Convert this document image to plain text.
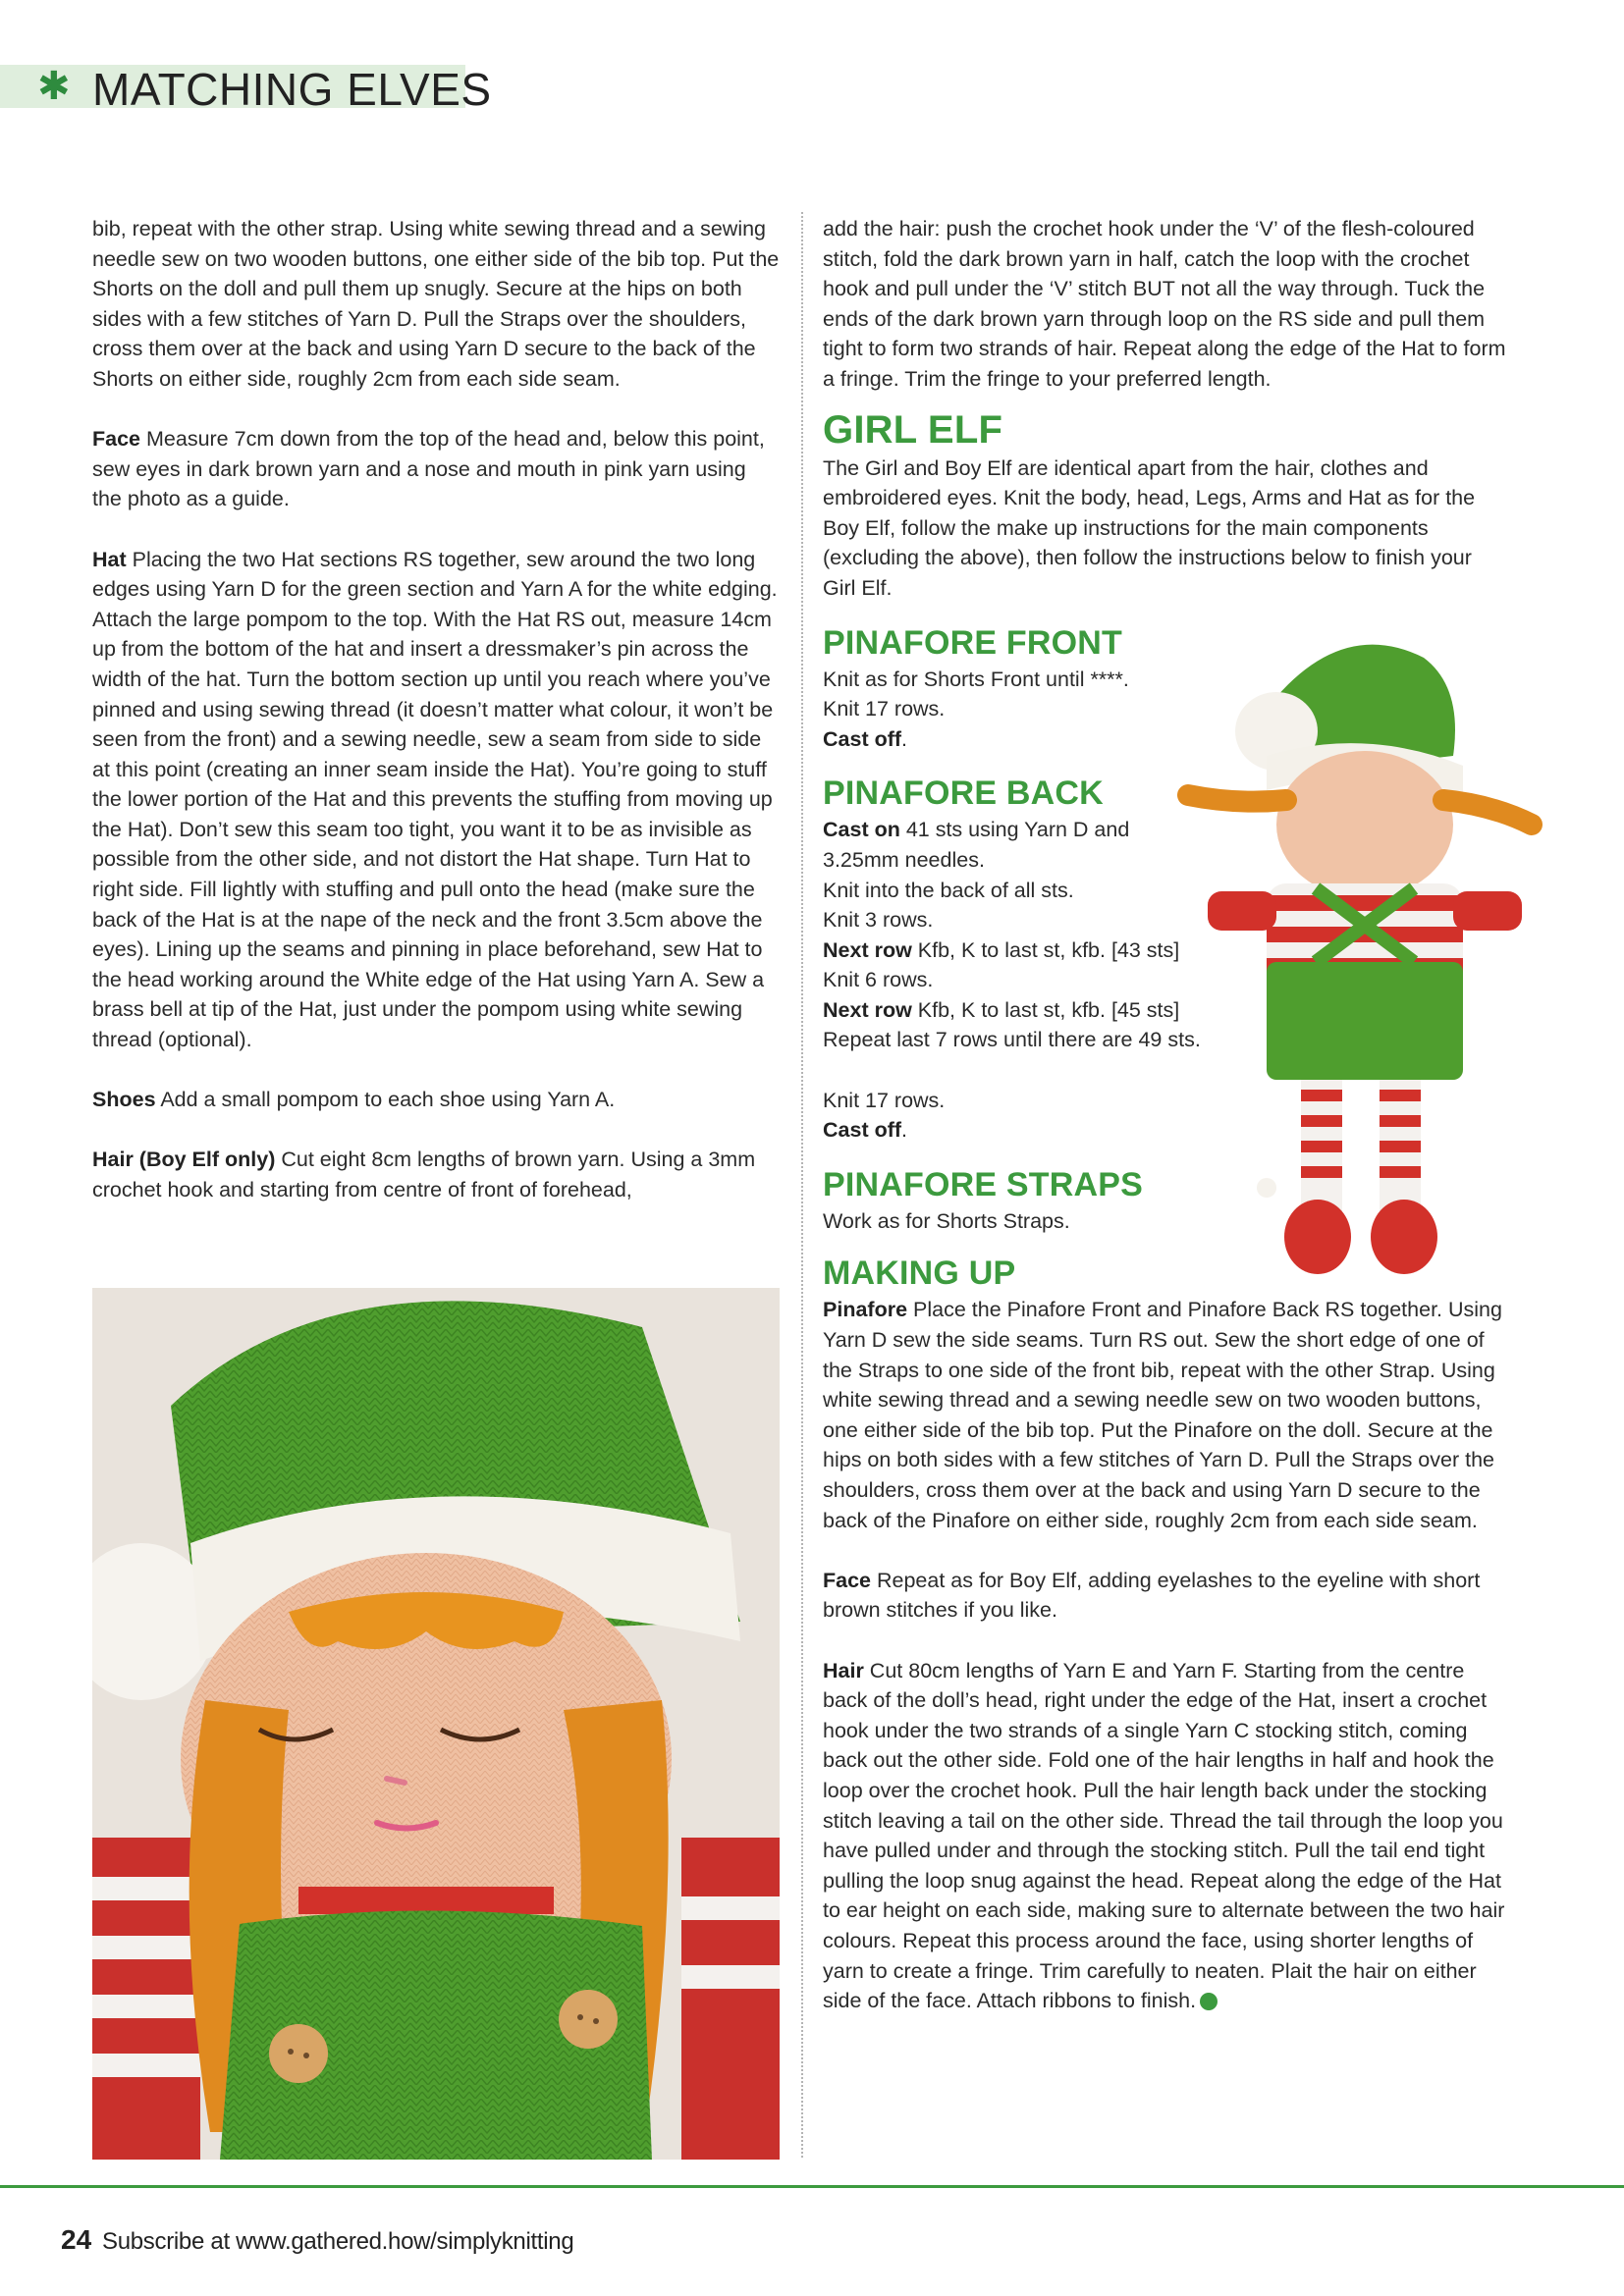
✱ MATCHING ELVES

bib, repeat with the other strap. Using white sewing thread and a sewing needle sew on two wooden buttons, one either side of the bib top. Put the Shorts on the doll and pull them up snugly. Secure at the hips on both sides with a few stitches of Yarn D. Pull the Straps over the shoulders, cross them over at the back and using Yarn D secure to the back of the Shorts on either side, roughly 2cm from each side seam.

Face Measure 7cm down from the top of the head and, below this point, sew eyes in dark brown yarn and a nose and mouth in pink yarn using the photo as a guide.

Hat Placing the two Hat sections RS together, sew around the two long edges using Yarn D for the green section and Yarn A for the white edging. Attach the large pompom to the top. With the Hat RS out, measure 14cm up from the bottom of the hat and insert a dressmaker’s pin across the width of the hat. Turn the bottom section up until you reach where you’ve pinned and using sewing thread (it doesn’t matter what colour, it won’t be seen from the front) and a sewing needle, sew a seam from side to side at this point (creating an inner seam inside the Hat). You’re going to stuff the lower portion of the Hat and this prevents the stuffing from moving up the Hat). Don’t sew this seam too tight, you want it to be as invisible as possible from the other side, and not distort the Hat shape. Turn Hat to right side. Fill lightly with stuffing and pull onto the head (make sure the back of the Hat is at the nape of the neck and the front 3.5cm above the eyes). Lining up the seams and pinning in place beforehand, sew Hat to the head working around the White edge of the Hat using Yarn A. Sew a brass bell at tip of the Hat, just under the pompom using white sewing thread (optional).

Shoes Add a small pompom to each shoe using Yarn A.

Hair (Boy Elf only) Cut eight 8cm lengths of brown yarn. Using a 3mm crochet hook and starting from centre of front of forehead,

add the hair: push the crochet hook under the ‘V’ of the flesh-coloured stitch, fold the dark brown yarn in half, catch the loop with the crochet hook and pull under the ‘V’ stitch BUT not all the way through. Tuck the ends of the dark brown yarn through loop on the RS side and pull them tight to form two strands of hair. Repeat along the edge of the Hat to form a fringe. Trim the fringe to your preferred length.

GIRL ELF

The Girl and Boy Elf are identical apart from the hair, clothes and embroidered eyes. Knit the body, head, Legs, Arms and Hat as for the Boy Elf, follow the make up instructions for the main components (excluding the above), then follow the instructions below to finish your Girl Elf.

PINAFORE FRONT
Knit as for Shorts Front until ****.
Knit 17 rows.
Cast off.
PINAFORE BACK
Cast on 41 sts using Yarn D and
3.25mm needles.
Knit into the back of all sts.
Knit 3 rows.
Next row Kfb, K to last st, kfb. [43 sts]
Knit 6 rows.
Next row Kfb, K to last st, kfb. [45 sts]
Repeat last 7 rows until there are 49 sts.
Knit 17 rows.
Cast off.
PINAFORE STRAPS

Work as for Shorts Straps.

MAKING UP

Pinafore Place the Pinafore Front and Pinafore Back RS together. Using Yarn D sew the side seams. Turn RS out. Sew the short edge of one of the Straps to one side of the front bib, repeat with the other Strap. Using white sewing thread and a sewing needle sew on two wooden buttons, one either side of the bib top. Put the Pinafore on the doll. Secure at the hips on both sides with a few stitches of Yarn D. Pull the Straps over the shoulders, cross them over at the back and using Yarn D secure to the back of the Pinafore on either side, roughly 2cm from each side seam.

Face Repeat as for Boy Elf, adding eyelashes to the eyeline with short brown stitches if you like.

Hair Cut 80cm lengths of Yarn E and Yarn F. Starting from the centre back of the doll’s head, right under the edge of the Hat, insert a crochet hook under the two strands of a single Yarn C stocking stitch, coming back out the other side. Fold one of the hair lengths in half and hook the loop over the crochet hook. Pull the hair length back under the stocking stitch leaving a tail on the other side. Thread the tail through the loop you have pulled under and through the stocking stitch. Pull the tail end tight pulling the loop snug against the head. Repeat along the edge of the Hat to ear height on each side, making sure to alternate between the two hair colours. Repeat this process around the face, using shorter lengths of yarn to create a fringe. Trim carefully to neaten. Plait the hair on either side of the face. Attach ribbons to finish.

24 Subscribe at www.gathered.how/simplyknitting
